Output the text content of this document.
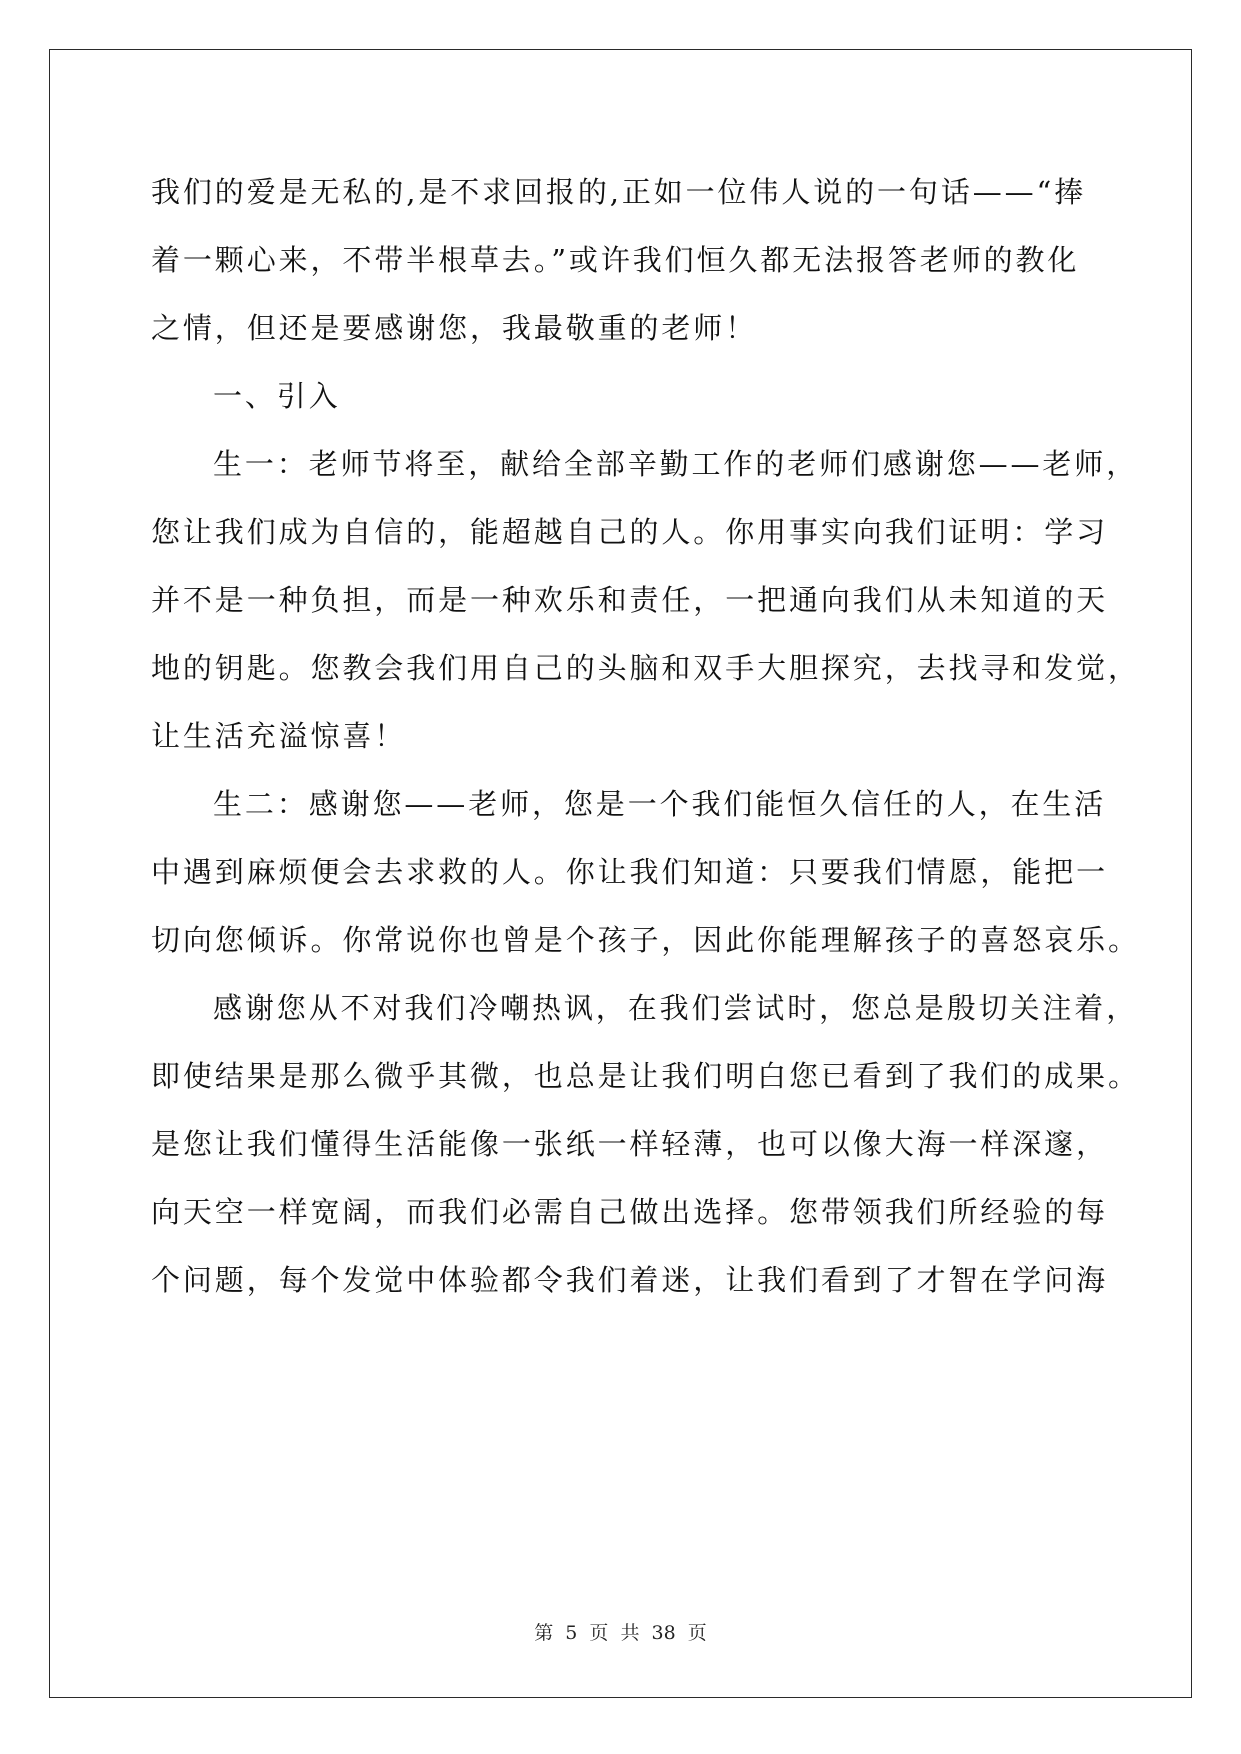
我们的爱是无私的,是不求回报的,正如一位伟人说的一句话——“捧
着一颗心来，不带半根草去。”或许我们恒久都无法报答老师的教化
之情，但还是要感谢您，我最敬重的老师！
一、引入
生一：老师节将至，献给全部辛勤工作的老师们感谢您——老师，
您让我们成为自信的，能超越自己的人。你用事实向我们证明：学习
并不是一种负担，而是一种欢乐和责任，一把通向我们从未知道的天
地的钥匙。您教会我们用自己的头脑和双手大胆探究，去找寻和发觉，
让生活充溢惊喜！
生二：感谢您——老师，您是一个我们能恒久信任的人，在生活
中遇到麻烦便会去求救的人。你让我们知道：只要我们情愿，能把一
切向您倾诉。你常说你也曾是个孩子，因此你能理解孩子的喜怒哀乐。
感谢您从不对我们冷嘲热讽，在我们尝试时，您总是殷切关注着，
即使结果是那么微乎其微，也总是让我们明白您已看到了我们的成果。
是您让我们懂得生活能像一张纸一样轻薄，也可以像大海一样深邃，
向天空一样宽阔，而我们必需自己做出选择。您带领我们所经验的每
个问题，每个发觉中体验都令我们着迷，让我们看到了才智在学问海
第 5 页 共 38 页
